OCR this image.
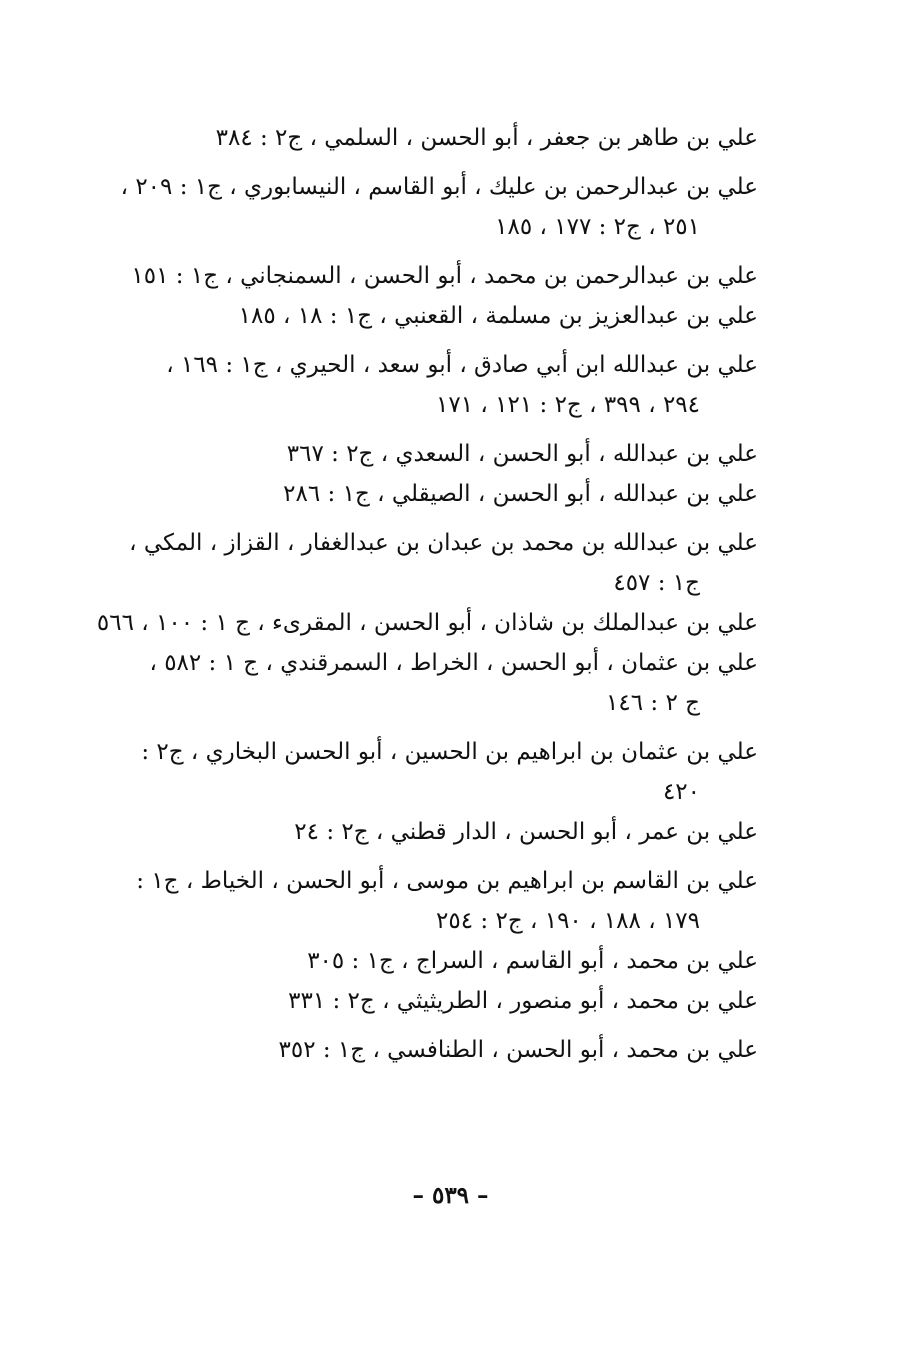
علي بن طاهر بن جعفر ، أبو الحسن ، السلمي ، ج٢ : ٣٨٤
علي بن عبدالرحمن بن عليك ، أبو القاسم ، النيسابوري ، ج١ : ٢٠٩ ،
٢٥١ ، ج٢ : ١٧٧ ، ١٨٥
علي بن عبدالرحمن بن محمد ، أبو الحسن ، السمنجاني ، ج١ : ١٥١
علي بن عبدالعزيز بن مسلمة ، القعنبي ، ج١ : ١٨ ، ١٨٥
علي بن عبدالله ابن أبي صادق ، أبو سعد ، الحيري ، ج١ : ١٦٩ ،
٢٩٤ ، ٣٩٩ ، ج٢ : ١٢١ ، ١٧١
علي بن عبدالله ، أبو الحسن ، السعدي ، ج٢ : ٣٦٧
علي بن عبدالله ، أبو الحسن ، الصيقلي ، ج١ : ٢٨٦
علي بن عبدالله بن محمد بن عبدان بن عبدالغفار ، القزاز ، المكي ،
ج١ : ٤٥٧
علي بن عبدالملك بن شاذان ، أبو الحسن ، المقرىء ، ج ١ : ١٠٠ ، ٥٦٦
علي بن عثمان ، أبو الحسن ، الخراط ، السمرقندي ، ج ١ : ٥٨٢ ،
ج ٢ : ١٤٦
علي بن عثمان بن ابراهيم بن الحسين ، أبو الحسن البخاري ، ج٢ :
٤٢٠
علي بن عمر ، أبو الحسن ، الدار قطني ، ج٢ : ٢٤
علي بن القاسم بن ابراهيم بن موسى ، أبو الحسن ، الخياط ، ج١ :
١٧٩ ، ١٨٨ ، ١٩٠ ، ج٢ : ٢٥٤
علي بن محمد ، أبو القاسم ، السراج ، ج١ : ٣٠٥
علي بن محمد ، أبو منصور ، الطريثيثي ، ج٢ : ٣٣١
علي بن محمد ، أبو الحسن ، الطنافسي ، ج١ : ٣٥٢
– ٥٣٩ –
